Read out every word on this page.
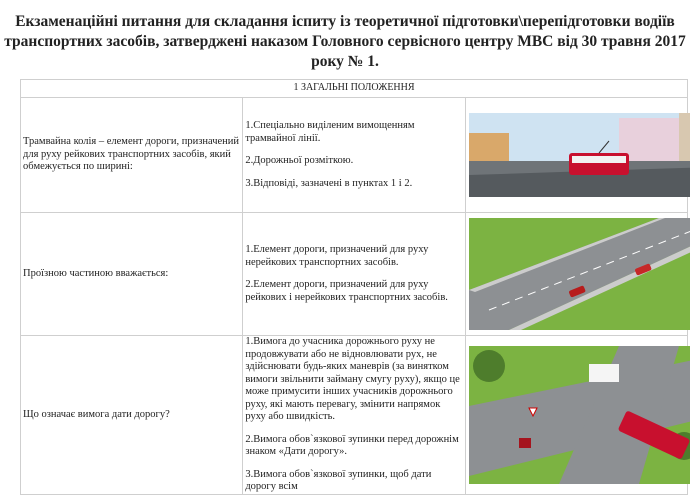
Екзаменаційні питання для складання іспиту із теоретичної підготовки\перепідготовки водіїв транспортних засобів, затверджені наказом Головного сервісного центру МВС від 30 травня 2017 року № 1.
1 ЗАГАЛЬНІ ПОЛОЖЕННЯ		
Трамвайна колія – елемент дороги, призначений для руху рейкових транспортних засобів, який обмежується по ширині:	1.Спеціально виділеним вимощенням трамвайної лінії.

2.Дорожньої розміткою.

3.Відповіді, зазначені в пунктах 1 і 2.

Проїзною частиною вважається:	1.Елемент дороги, призначений для руху нерейкових транспортних засобів.

2.Елемент дороги, призначений для руху рейкових і нерейкових транспортних засобів.

Що означає вимога дати дорогу?	1.Вимога до учасника дорожнього руху не продовжувати або не відновлювати рух, не здійснювати будь-яких маневрів (за винятком вимоги звільнити займану смугу руху), якщо це може примусити інших учасників дорожнього руху, які мають перевагу, змінити напрямок руху або швидкість.

2.Вимога обов`язкової зупинки перед дорожнім знаком «Дати дорогу».

3.Вимога обов`язкової зупинки, щоб дати дорогу всім
